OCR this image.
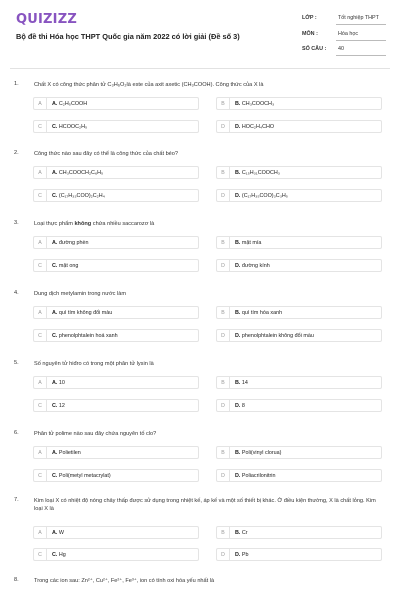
QUIZIZZ
Bộ đề thi Hóa học THPT Quốc gia năm 2022 có lời giải (Đề số 3)
LỚP :	Tốt nghiệp THPT
MÔN :	Hóa học
SỐ CÂU :	40
1.	Chất X có công thức phân tử C₃H₆O₂là este của axit axetic (CH₃COOH). Công thức của X là
A	A. C₂H₅COOH	B	B. CH₃COOCH₃
C	C. HCOOC₂H₅	D	D. HOC₂H₄CHO
2.	Công thức nào sau đây có thể là công thức của chất béo?
A	A. CH₃COOCH₂C₆H₅	B	B. C₁₅H₃₁COOCH₃
C	C. (C₁₇H₃₃COO)₂C₂H₄	D	D. (C₁₇H₃₅COO)₃C₃H₅
3.	Loại thực phẩm không chứa nhiều saccarozơ là
A	A. đường phèn	B	B. mật mía
C	C. mật ong	D	D. đường kính
4.	Dung dịch metylamin trong nước làm
A	A. quì tím không đổi màu	B	B. quì tím hóa xanh
C	C. phenolphtalein hoá xanh	D	D. phenolphtalein không đổi màu
5.	Số nguyên tử hiđro có trong một phân tử lysin là
A	A. 10	B	B. 14
C	C. 12	D	D. 8
6.	Phân tử polime nào sau đây chứa nguyên tố clo?
A	A. Polietilen	B	B. Poli(vinyl clorua)
C	C. Poli(metyl metacrylat)	D	D. Poliacrilonitrin
7.	Kim loại X có nhiệt độ nóng chảy thấp được sử dụng trong nhiệt kế, áp kế và một số thiết bị khác. Ở điều kiện thường, X là chất lỏng. Kim loại X là
A	A. W	B	B. Cr
C	C. Hg	D	D. Pb
8.	Trong các ion sau: Zn²⁺, Cu²⁺, Fe²⁺, Fe³⁺, ion có tính oxi hóa yếu nhất là
